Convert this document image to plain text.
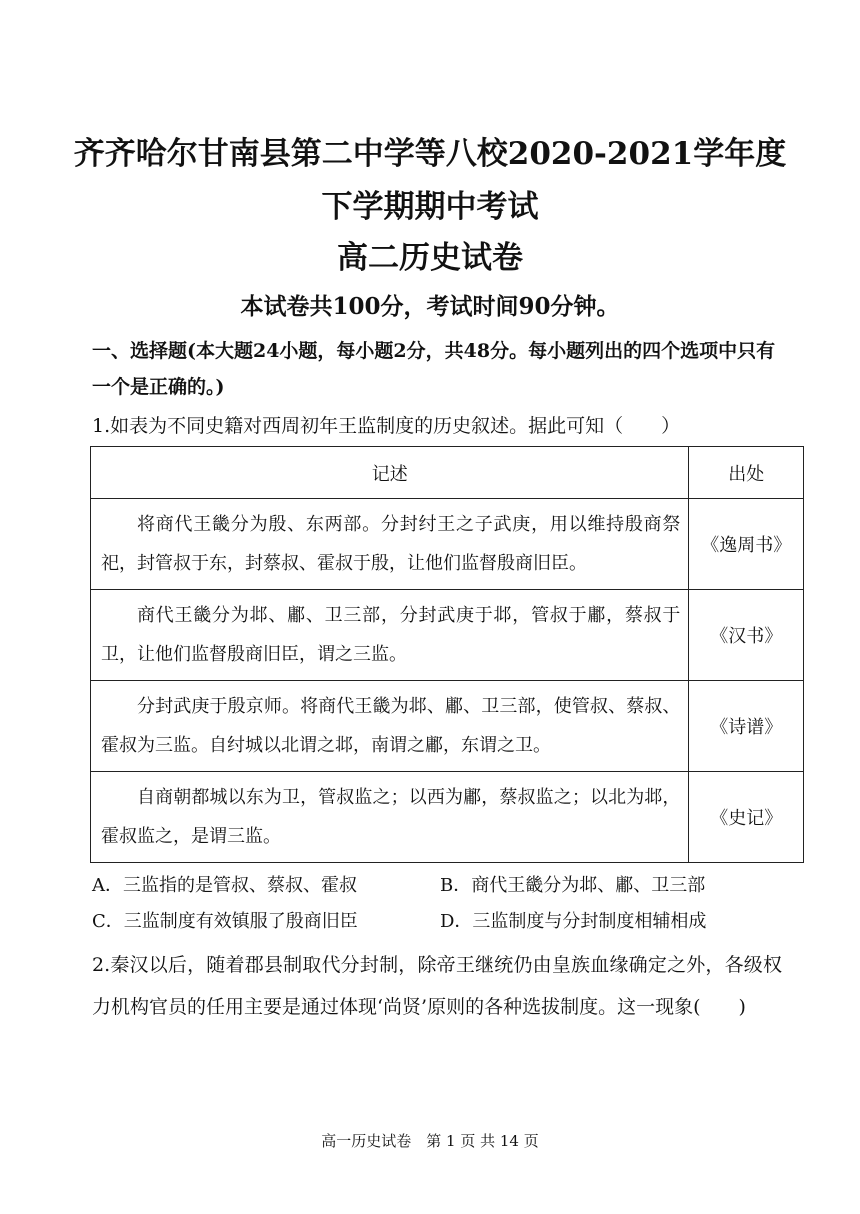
齐齐哈尔甘南县第二中学等八校2020-2021学年度
下学期期中考试
高二历史试卷
本试卷共100分，考试时间90分钟。
一、选择题(本大题24小题，每小题2分，共48分。每小题列出的四个选项中只有一个是正确的。)
1.如表为不同史籍对西周初年王监制度的历史叙述。据此可知（　　）
记述	出处
将商代王畿分为殷、东两部。分封纣王之子武庚，用以维持殷商祭祀，封管叔于东，封蔡叔、霍叔于殷，让他们监督殷商旧臣。	《逸周书》
商代王畿分为邶、鄘、卫三部，分封武庚于邶，管叔于鄘，蔡叔于卫，让他们监督殷商旧臣，谓之三监。	《汉书》
分封武庚于殷京师。将商代王畿为邶、鄘、卫三部，使管叔、蔡叔、霍叔为三监。自纣城以北谓之邶，南谓之鄘，东谓之卫。	《诗谱》
自商朝都城以东为卫，管叔监之；以西为鄘，蔡叔监之；以北为邶，霍叔监之，是谓三监。	《史记》
A．三监指的是管叔、蔡叔、霍叔	B．商代王畿分为邶、鄘、卫三部
C．三监制度有效镇服了殷商旧臣	D．三监制度与分封制度相辅相成
2.秦汉以后，随着郡县制取代分封制，除帝王继统仍由皇族血缘确定之外，各级权力机构官员的任用主要是通过体现‘尚贤’原则的各种选拔制度。这一现象(　　)
高一历史试卷　第 1 页 共 14 页
